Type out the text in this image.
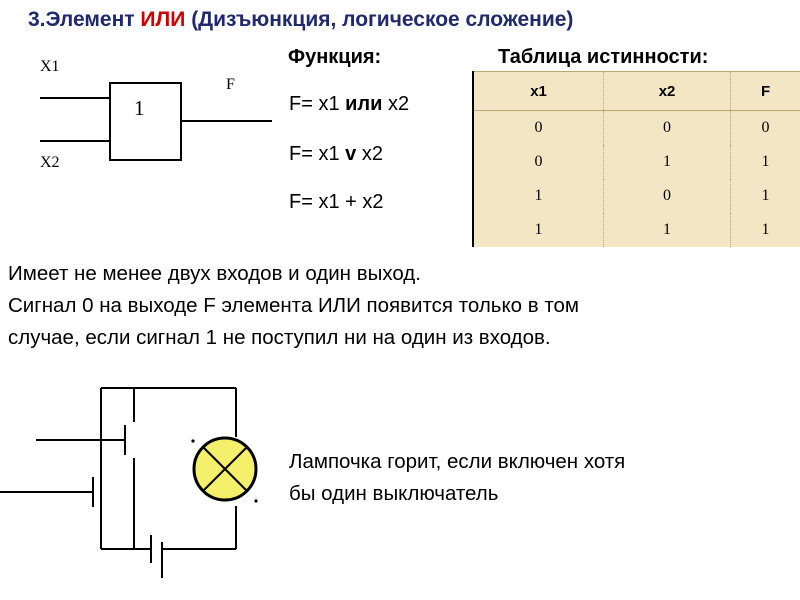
3.Элемент ИЛИ (Дизъюнкция, логическое сложение)
X1
X2
F
1
Функция:
F= x1 или x2
F= x1 v x2
F= x1 + x2
Таблица истинности:
x1	x2	F
0	0	0
0	1	1
1	0	1
1	1	1
Имеет не менее двух входов и один выход.
Сигнал 0 на выходе F элемента ИЛИ появится только в том
случае, если сигнал 1 не поступил ни на один из входов.
Лампочка горит, если включен хотя
бы один выключатель
